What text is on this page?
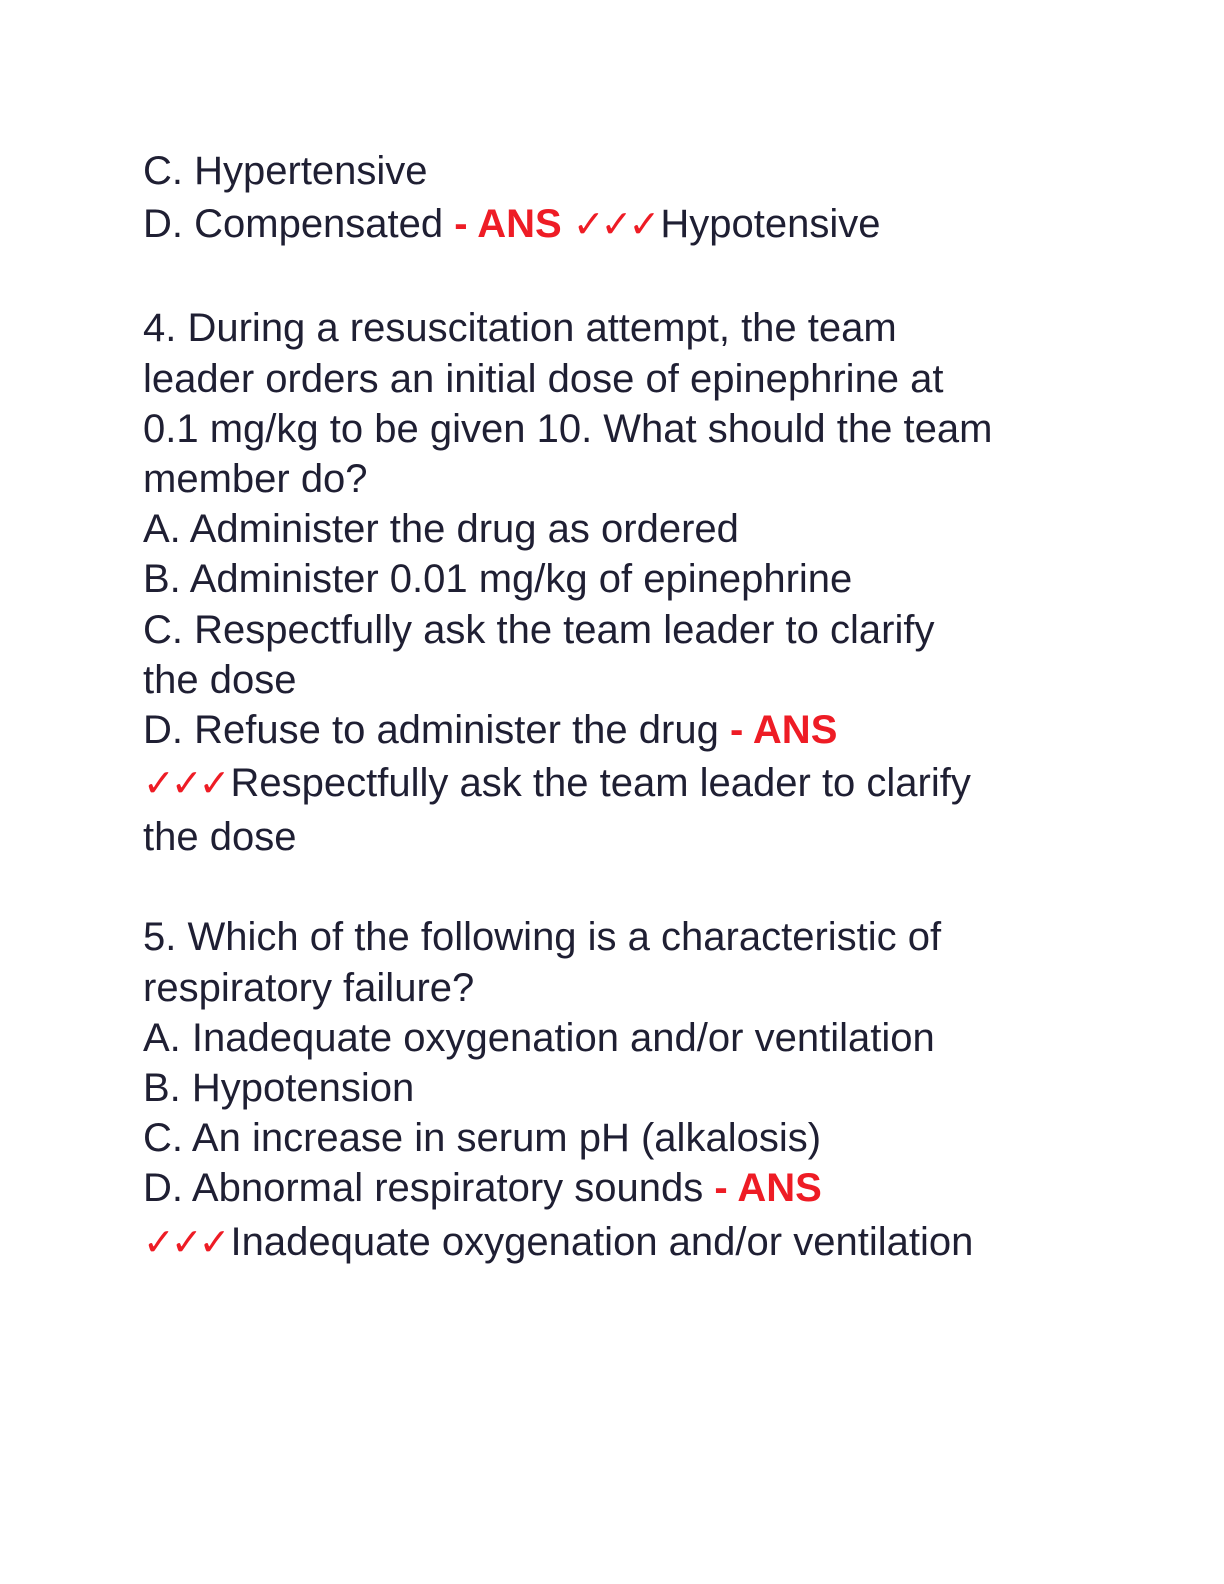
C. Hypertensive
D. Compensated - ANS ✓✓✓ Hypotensive
4. During a resuscitation attempt, the team
leader orders an initial dose of epinephrine at
0.1 mg/kg to be given 10. What should the team
member do?
A. Administer the drug as ordered
B. Administer 0.01 mg/kg of epinephrine
C. Respectfully ask the team leader to clarify
the dose
D. Refuse to administer the drug - ANS
✓✓✓ Respectfully ask the team leader to clarify
the dose
5. Which of the following is a characteristic of
respiratory failure?
A. Inadequate oxygenation and/or ventilation
B. Hypotension
C. An increase in serum pH (alkalosis)
D. Abnormal respiratory sounds - ANS
✓✓✓ Inadequate oxygenation and/or ventilation
